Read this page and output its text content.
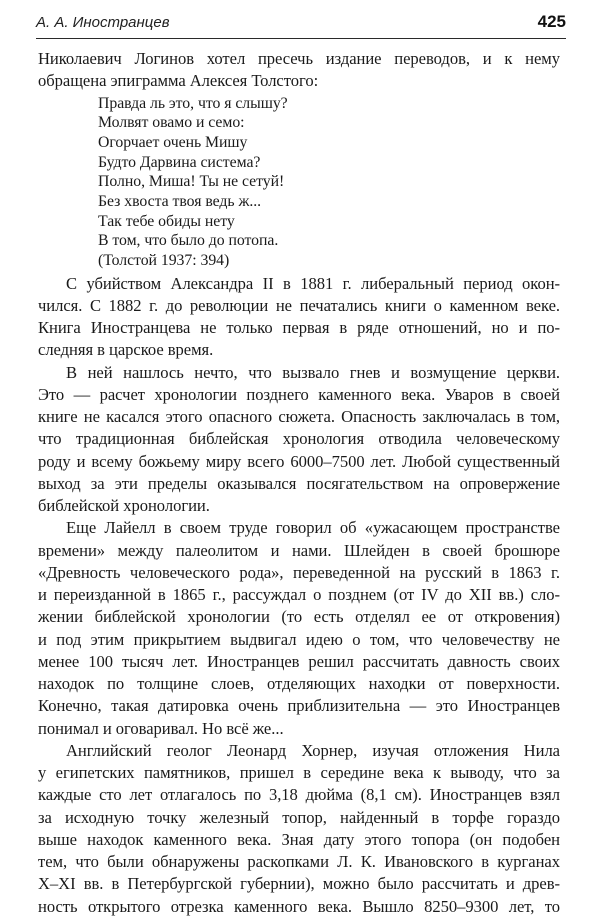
А. А. Иностранцев	425
Николаевич Логинов хотел пресечь издание переводов, и к нему
обращена эпиграмма Алексея Толстого:
Правда ль это, что я слышу?
Молвят овамо и семо:
Огорчает очень Мишу
Будто Дарвина система?
Полно, Миша! Ты не сетуй!
Без хвоста твоя ведь ж...
Так тебе обиды нету
В том, что было до потопа.
(Толстой 1937: 394)
С убийством Александра II в 1881 г. либеральный период окон-
чился. С 1882 г. до революции не печатались книги о каменном веке.
Книга Иностранцева не только первая в ряде отношений, но и по-
следняя в царское время.
В ней нашлось нечто, что вызвало гнев и возмущение церкви.
Это — расчет хронологии позднего каменного века. Уваров в своей
книге не касался этого опасного сюжета. Опасность заключалась в том,
что традиционная библейская хронология отводила человеческому
роду и всему божьему миру всего 6000–7500 лет. Любой существенный
выход за эти пределы оказывался посягательством на опровержение
библейской хронологии.
Еще Лайелл в своем труде говорил об «ужасающем пространстве
времени» между палеолитом и нами. Шлейден в своей брошюре
«Древность человеческого рода», переведенной на русский в 1863 г.
и переизданной в 1865 г., рассуждал о позднем (от IV до XII вв.) сло-
жении библейской хронологии (то есть отделял ее от откровения)
и под этим прикрытием выдвигал идею о том, что человечеству не
менее 100 тысяч лет. Иностранцев решил рассчитать давность своих
находок по толщине слоев, отделяющих находки от поверхности.
Конечно, такая датировка очень приблизительна — это Иностранцев
понимал и оговаривал. Но всё же...
Английский геолог Леонард Хорнер, изучая отложения Нила
у египетских памятников, пришел в середине века к выводу, что за
каждые сто лет отлагалось по 3,18 дюйма (8,1 см). Иностранцев взял
за исходную точку железный топор, найденный в торфе гораздо
выше находок каменного века. Зная дату этого топора (он подобен
тем, что были обнаружены раскопками Л. К. Ивановского в курганах
X–XI вв. в Петербургской губернии), можно было рассчитать и древ-
ность открытого отрезка каменного века. Вышло 8250–9300 лет, то
